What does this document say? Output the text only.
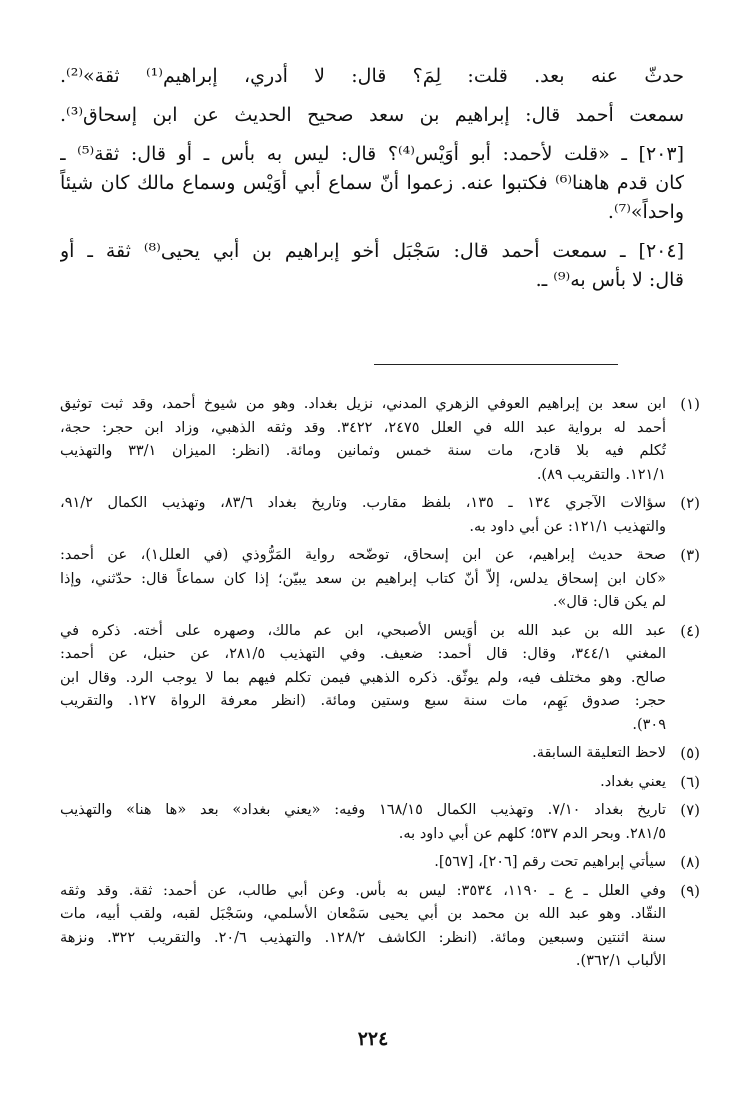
حدثّ عنه بعد. قلت: لِمَ؟ قال: لا أدري، إبراهيم⁽¹⁾ ثقة»⁽²⁾.
سمعت أحمد قال: إبراهيم بن سعد صحيح الحديث عن ابن إسحاق⁽³⁾.
[٢٠٣] ـ «قلت لأحمد: أبو أُوَيْس⁽⁴⁾؟ قال: ليس به بأس ـ أو قال: ثقة⁽⁵⁾ ـ
كان قدم هاهنا⁽⁶⁾ فكتبوا عنه. زعموا أنّ سماع أبي أُوَيْس وسماع مالك كان شيئاً
واحداً»⁽⁷⁾.
[٢٠٤] ـ سمعت أحمد قال: سَجْبَل أخو إبراهيم بن أبي يحيى⁽⁸⁾ ثقة ـ أو
قال: لا بأس به⁽⁹⁾ ـ.
(١)
ابن سعد بن إبراهيم العوفي الزهري المدني، نزيل بغداد. وهو من شيوخ أحمد، وقد ثبت توثيق
أحمد له برواية عبد الله في العلل ٢٤٧٥، ٣٤٢٢. وقد وثقه الذهبي، وزاد ابن حجر: حجة،
تُكلم فيه بلا قادح، مات سنة خمس وثمانين ومائة. (انظر: الميزان ٣٣/١ والتهذيب
١٢١/١. والتقريب ٨٩).
(٢)
سؤالات الآجري ١٣٤ ـ ١٣٥، بلفظ مقارب. وتاريخ بغداد ٨٣/٦، وتهذيب الكمال ٩١/٢،
والتهذيب ١٢١/١: عن أبي داود به.
(٣)
صحة حديث إبراهيم، عن ابن إسحاق، توضّحه رواية المَرُّوذي (في العلل١)، عن أحمد:
«كان ابن إسحاق يدلس، إلاّ أنّ كتاب إبراهيم بن سعد يبيّن؛ إذا كان سماعاً قال: حدّثني، وإذا
لم يكن قال: قال».
(٤)
عبد الله بن عبد الله بن أُوَيس الأصبحي، ابن عم مالك، وصهره على أخته. ذكره في
المغني ٣٤٤/١، وقال: قال أحمد: ضعيف. وفي التهذيب ٢٨١/٥، عن حنبل، عن أحمد:
صالح. وهو مختلف فيه، ولم يوثّق. ذكره الذهبي فيمن تكلم فيهم بما لا يوجب الرد. وقال ابن
حجر: صدوق يَهِم، مات سنة سبع وستين ومائة. (انظر معرفة الرواة ١٢٧. والتقريب
٣٠٩).
(٥)
لاحظ التعليقة السابقة.
(٦)
يعني بغداد.
(٧)
تاريخ بغداد ٧/١٠. وتهذيب الكمال ١٦٨/١٥ وفيه: «يعني بغداد» بعد «ها هنا» والتهذيب
٢٨١/٥. وبحر الدم ٥٣٧؛ كلهم عن أبي داود به.
(٨)
سيأتي إبراهيم تحت رقم [٢٠٦]، [٥٦٧].
(٩)
وفي العلل ـ ع ـ ١١٩٠، ٣٥٣٤: ليس به بأس. وعن أبي طالب، عن أحمد: ثقة. وقد وثقه
النقّاد. وهو عبد الله بن محمد بن أبي يحيى سَمْعان الأسلمي، وسَجْبَل لقبه، ولقب أبيه، مات
سنة اثنتين وسبعين ومائة. (انظر: الكاشف ١٢٨/٢. والتهذيب ٢٠/٦. والتقريب ٣٢٢. ونزهة
الألباب ٣٦٢/١).
٢٢٤
